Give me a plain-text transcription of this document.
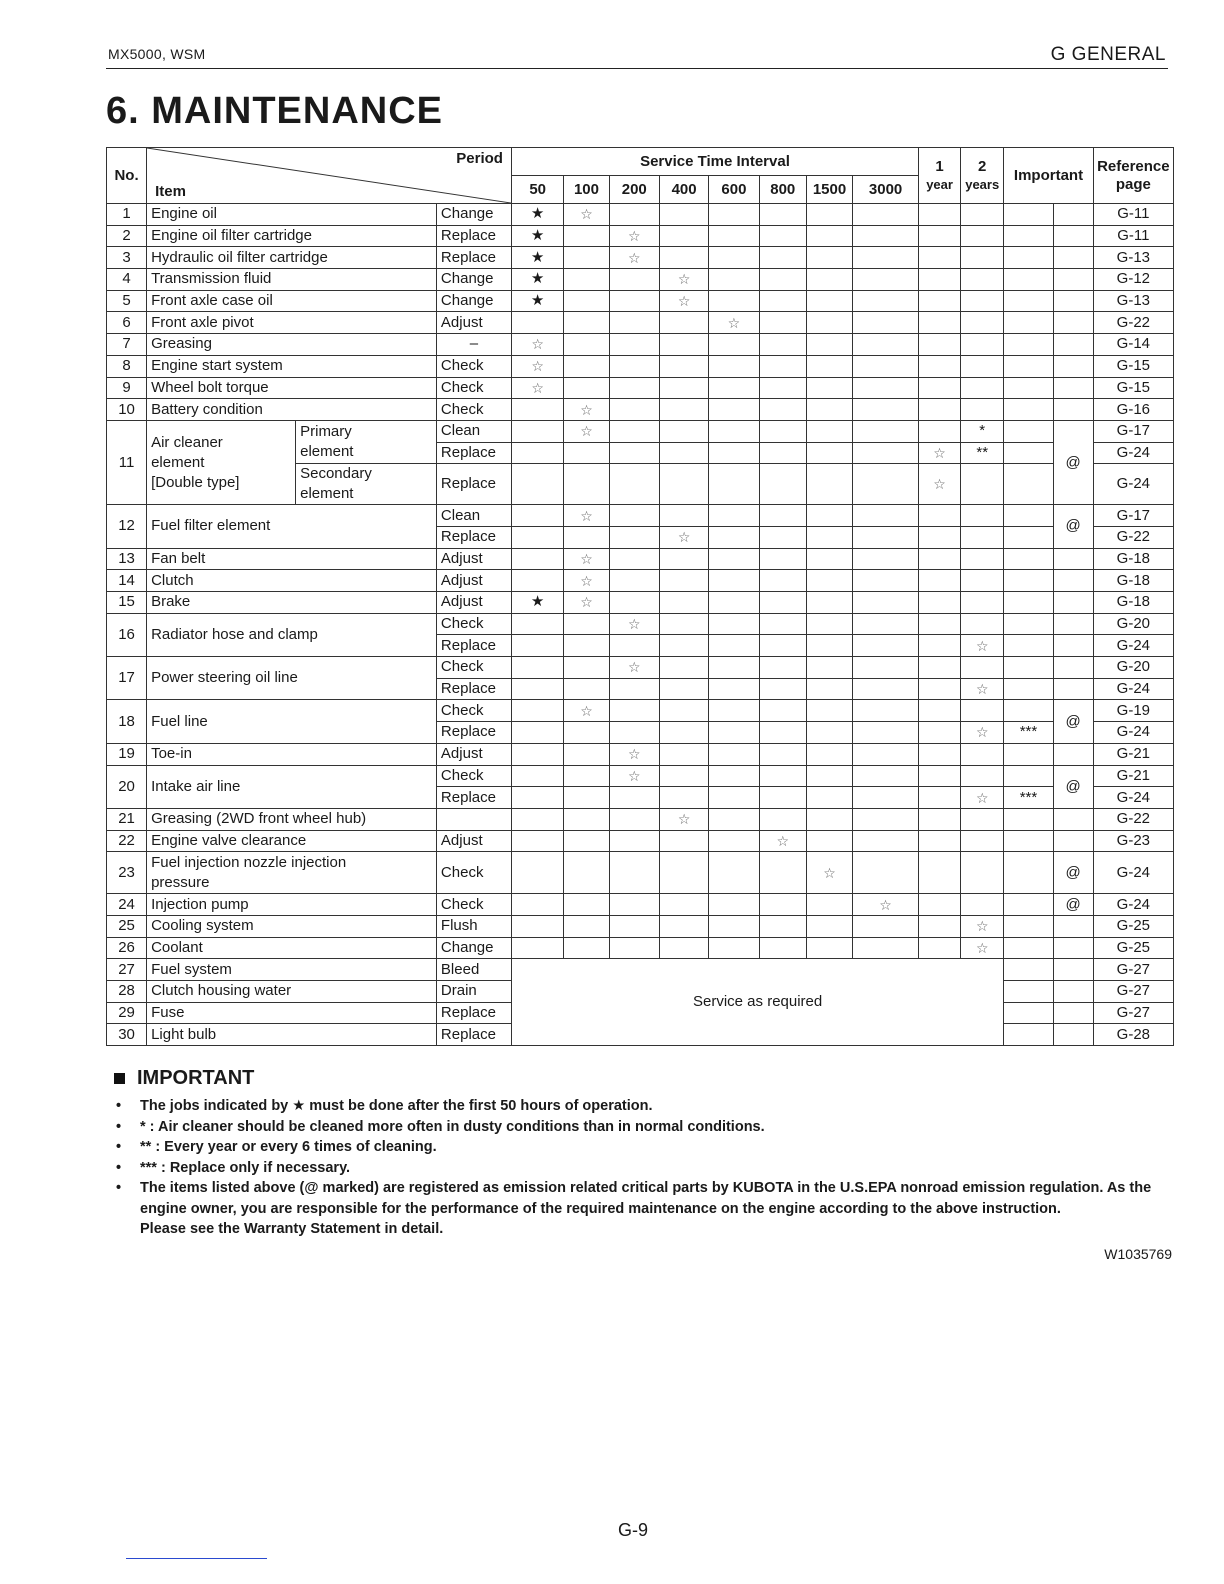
MX5000, WSM	G GENERAL
6. MAINTENANCE
No.	Period
Item			Service Time Interval								1
year	2
years	Important		Reference
page
				50	100	200	400	600	800	1500	3000					
1	Engine oil		Change	★	☆											G-11
2	Engine oil filter cartridge		Replace	★		☆										G-11
3	Hydraulic oil filter cartridge		Replace	★		☆										G-13
4	Transmission fluid		Change	★			☆									G-12
5	Front axle case oil		Change	★			☆									G-13
6	Front axle pivot		Adjust					☆								G-22
7	Greasing		–	☆												G-14
8	Engine start system		Check	☆												G-15
9	Wheel bolt torque		Check	☆												G-15
10	Battery condition		Check		☆											G-16
11	Air cleaner
element
[Double type]	Primary
element	Clean		☆								*		@	G-17
			Replace									☆	**			G-24
		Secondary
element	Replace									☆				G-24
12	Fuel filter element		Clean		☆										@	G-17
			Replace				☆									G-22
13	Fan belt		Adjust		☆											G-18
14	Clutch		Adjust		☆											G-18
15	Brake		Adjust	★	☆											G-18
16	Radiator hose and clamp		Check			☆										G-20
			Replace										☆			G-24
17	Power steering oil line		Check			☆										G-20
			Replace										☆			G-24
18	Fuel line		Check		☆										@	G-19
			Replace										☆	***		G-24
19	Toe-in		Adjust			☆										G-21
20	Intake air line		Check			☆									@	G-21
			Replace										☆	***		G-24
21	Greasing (2WD front wheel hub)						☆									G-22
22	Engine valve clearance		Adjust						☆							G-23
23	Fuel injection nozzle injection
pressure		Check							☆					@	G-24
24	Injection pump		Check								☆				@	G-24
25	Cooling system		Flush										☆			G-25
26	Coolant		Change										☆			G-25
27	Fuel system		Bleed	Service as required												G-27
28	Clutch housing water		Drain													G-27
29	Fuse		Replace													G-27
30	Light bulb		Replace													G-28
IMPORTANT
• The jobs indicated by ★ must be done after the first 50 hours of operation.
• * : Air cleaner should be cleaned more often in dusty conditions than in normal conditions.
• ** : Every year or every 6 times of cleaning.
• *** : Replace only if necessary.
• The items listed above (@ marked) are registered as emission related critical parts by KUBOTA in the U.S.EPA nonroad emission regulation. As the engine owner, you are responsible for the performance of the required maintenance on the engine according to the above instruction.
Please see the Warranty Statement in detail.
W1035769
G-9
